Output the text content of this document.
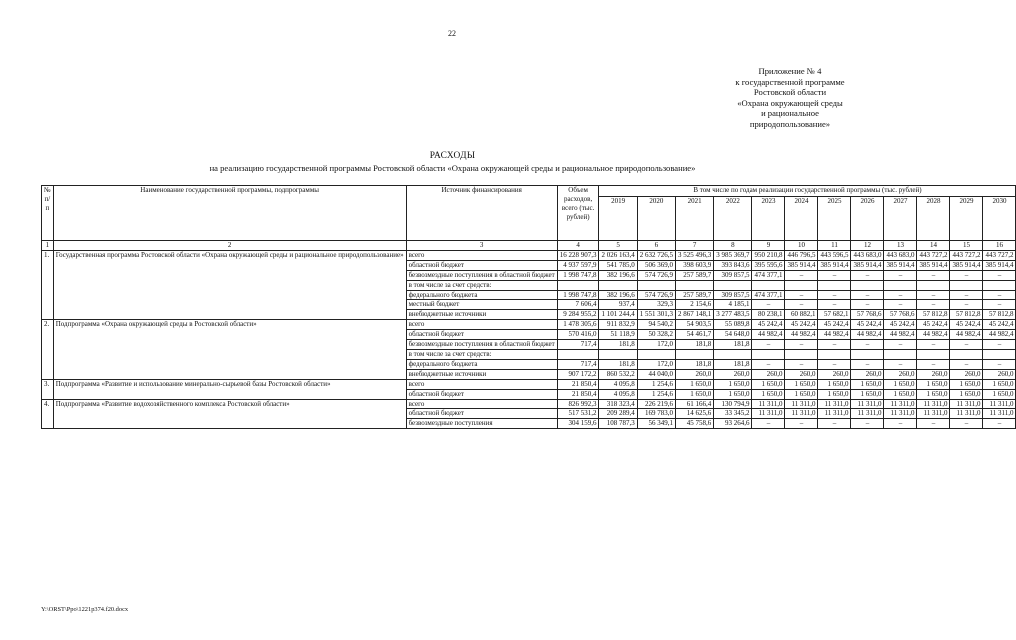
22
Приложение № 4
к государственной программе
Ростовской области
«Охрана окружающей среды
и рациональное
природопользование»
РАСХОДЫ
на реализацию государственной программы Ростовской области «Охрана окружающей среды и рациональное природопользование»
№ п/п	Наименование государственной программы, подпрограммы	Источник финансирования	Объем расходов, всего (тыс. рублей)	В том числе по годам реализации государственной программы (тыс. рублей)											
				2019	2020	2021	2022	2023	2024	2025	2026	2027	2028	2029	2030
1	2	3	4	5	6	7	8	9	10	11	12	13	14	15	16
1.	Государственная программа Ростовской области «Охрана окружающей среды и рациональное природопользование»	всего	16 228 907,3	2 026 163,4	2 632 726,5	3 525 496,3	3 985 369,7	950 210,8	446 796,5	443 596,5	443 683,0	443 683,0	443 727,2	443 727,2	443 727,2
		областной бюджет	4 937 597,9	541 785,0	506 369,0	398 603,9	393 843,6	395 595,6	385 914,4	385 914,4	385 914,4	385 914,4	385 914,4	385 914,4	385 914,4
		безвозмездные поступления в областной бюджет	1 998 747,8	382 196,6	574 726,9	257 589,7	309 857,5	474 377,1	–	–	–	–	–	–	–
		в том числе за счет средств:													
		федерального бюджета	1 998 747,8	382 196,6	574 726,9	257 589,7	309 857,5	474 377,1	–	–	–	–	–	–	–
		местный бюджет	7 606,4	937,4	329,3	2 154,6	4 185,1	–	–	–	–	–	–	–	–
		внебюджетные источники	9 284 955,2	1 101 244,4	1 551 301,3	2 867 148,1	3 277 483,5	80 238,1	60 882,1	57 682,1	57 768,6	57 768,6	57 812,8	57 812,8	57 812,8
2.	Подпрограмма «Охрана окружающей среды в Ростовской области»	всего	1 478 305,6	911 832,9	94 540,2	54 903,5	55 089,8	45 242,4	45 242,4	45 242,4	45 242,4	45 242,4	45 242,4	45 242,4	45 242,4
		областной бюджет	570 416,0	51 118,9	50 328,2	54 461,7	54 648,0	44 982,4	44 982,4	44 982,4	44 982,4	44 982,4	44 982,4	44 982,4	44 982,4
		безвозмездные поступления в областной бюджет	717,4	181,8	172,0	181,8	181,8	–	–	–	–	–	–	–	–
		в том числе за счет средств:													
		федерального бюджета	717,4	181,8	172,0	181,8	181,8	–	–	–	–	–	–	–	–
		внебюджетные источники	907 172,2	860 532,2	44 040,0	260,0	260,0	260,0	260,0	260,0	260,0	260,0	260,0	260,0	260,0
3.	Подпрограмма «Развитие и использование минерально-сырьевой базы Ростовской области»	всего	21 850,4	4 095,8	1 254,6	1 650,0	1 650,0	1 650,0	1 650,0	1 650,0	1 650,0	1 650,0	1 650,0	1 650,0	1 650,0
		областной бюджет	21 850,4	4 095,8	1 254,6	1 650,0	1 650,0	1 650,0	1 650,0	1 650,0	1 650,0	1 650,0	1 650,0	1 650,0	1 650,0
4.	Подпрограмма «Развитие водохозяйственного комплекса Ростовской области»	всего	826 992,3	318 323,4	226 219,6	61 166,4	130 794,9	11 311,0	11 311,0	11 311,0	11 311,0	11 311,0	11 311,0	11 311,0	11 311,0
		областной бюджет	517 531,2	209 289,4	169 783,0	14 625,6	33 345,2	11 311,0	11 311,0	11 311,0	11 311,0	11 311,0	11 311,0	11 311,0	11 311,0
		безвозмездные поступления	304 159,6	108 787,3	56 349,1	45 758,6	93 264,6	–	–	–	–	–	–	–	–
Y:\ORST\Ppo\1221p374.f20.docx
